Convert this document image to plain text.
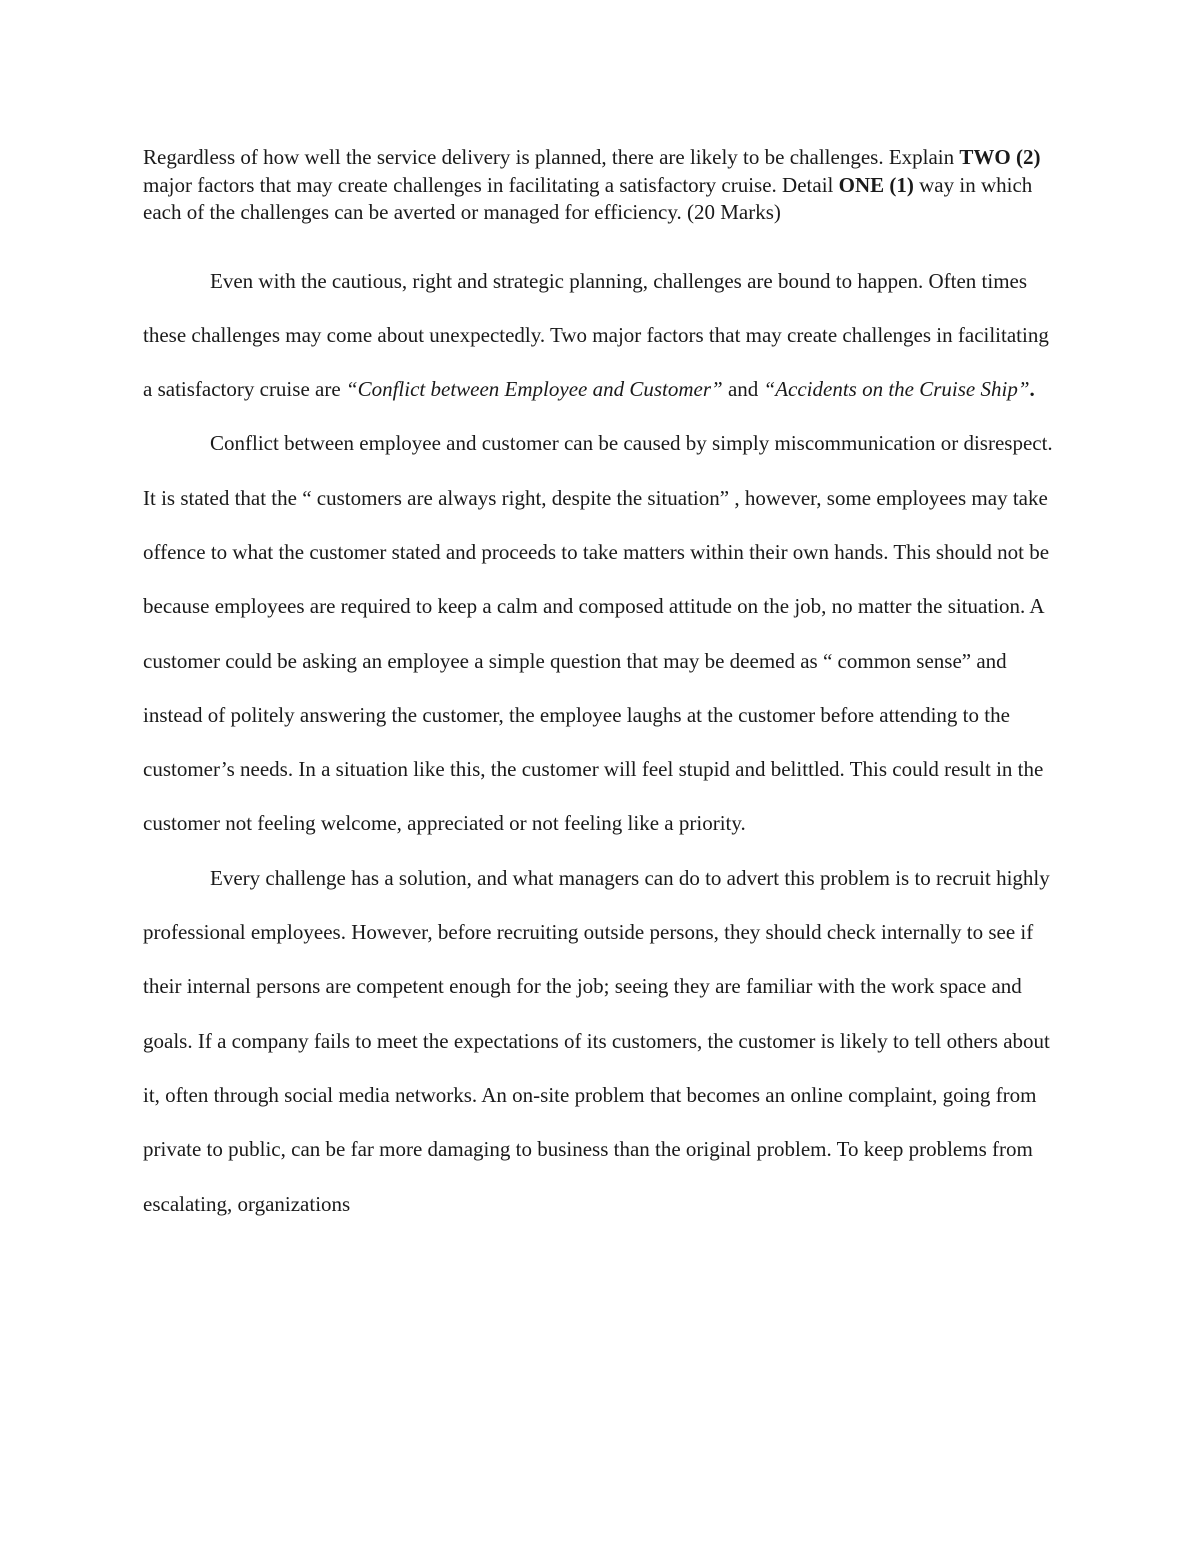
Regardless of how well the service delivery is planned, there are likely to be challenges. Explain TWO (2) major factors that may create challenges in facilitating a satisfactory cruise. Detail ONE (1) way in which each of the challenges can be averted or managed for efficiency. (20 Marks)

Even with the cautious, right and strategic planning, challenges are bound to happen. Often times these challenges may come about unexpectedly. Two major factors that may create challenges in facilitating a satisfactory cruise are “Conflict between Employee and Customer” and “Accidents on the Cruise Ship”.

Conflict between employee and customer can be caused by simply miscommunication or disrespect. It is stated that the “ customers are always right, despite the situation” , however, some employees may take offence to what the customer stated and proceeds to take matters within their own hands. This should not be because employees are required to keep a calm and composed attitude on the job, no matter the situation. A customer could be asking an employee a simple question that may be deemed as “ common sense” and instead of politely answering the customer, the employee laughs at the customer before attending to the customer’s needs. In a situation like this, the customer will feel stupid and belittled. This could result in the customer not feeling welcome, appreciated or not feeling like a priority.

Every challenge has a solution, and what managers can do to advert this problem is to recruit highly professional employees. However, before recruiting outside persons, they should check internally to see if their internal persons are competent enough for the job; seeing they are familiar with the work space and goals. If a company fails to meet the expectations of its customers, the customer is likely to tell others about it, often through social media networks. An on-site problem that becomes an online complaint, going from private to public, can be far more damaging to business than the original problem. To keep problems from escalating, organizations
